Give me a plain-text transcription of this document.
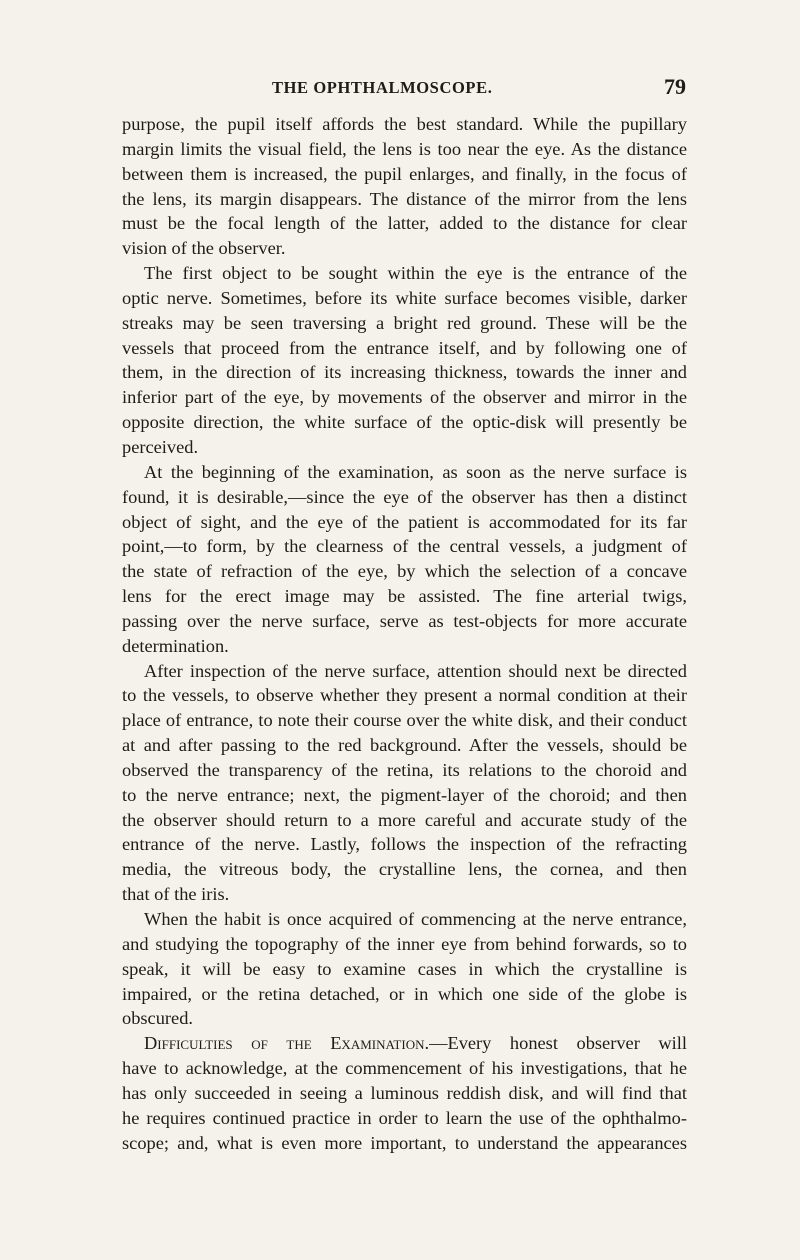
THE OPHTHALMOSCOPE.	79
purpose, the pupil itself affords the best standard. While the pupillary
margin limits the visual field, the lens is too near the eye. As the distance
between them is increased, the pupil enlarges, and finally, in the focus of
the lens, its margin disappears. The distance of the mirror from the lens
must be the focal length of the latter, added to the distance for clear
vision of the observer.
The first object to be sought within the eye is the entrance of the
optic nerve. Sometimes, before its white surface becomes visible, darker
streaks may be seen traversing a bright red ground. These will be the
vessels that proceed from the entrance itself, and by following one of
them, in the direction of its increasing thickness, towards the inner and
inferior part of the eye, by movements of the observer and mirror in the
opposite direction, the white surface of the optic-disk will presently be
perceived.
At the beginning of the examination, as soon as the nerve surface is
found, it is desirable,—since the eye of the observer has then a distinct
object of sight, and the eye of the patient is accommodated for its far
point,—to form, by the clearness of the central vessels, a judgment of
the state of refraction of the eye, by which the selection of a concave
lens for the erect image may be assisted. The fine arterial twigs,
passing over the nerve surface, serve as test-objects for more accurate
determination.
After inspection of the nerve surface, attention should next be directed
to the vessels, to observe whether they present a normal condition at their
place of entrance, to note their course over the white disk, and their conduct
at and after passing to the red background. After the vessels, should be
observed the transparency of the retina, its relations to the choroid and
to the nerve entrance; next, the pigment-layer of the choroid; and then
the observer should return to a more careful and accurate study of the
entrance of the nerve. Lastly, follows the inspection of the refracting
media, the vitreous body, the crystalline lens, the cornea, and then
that of the iris.
When the habit is once acquired of commencing at the nerve entrance,
and studying the topography of the inner eye from behind forwards, so to
speak, it will be easy to examine cases in which the crystalline is
impaired, or the retina detached, or in which one side of the globe is
obscured.
Difficulties of the Examination.—Every honest observer will
have to acknowledge, at the commencement of his investigations, that he
has only succeeded in seeing a luminous reddish disk, and will find that
he requires continued practice in order to learn the use of the ophthalmo-
scope; and, what is even more important, to understand the appearances
